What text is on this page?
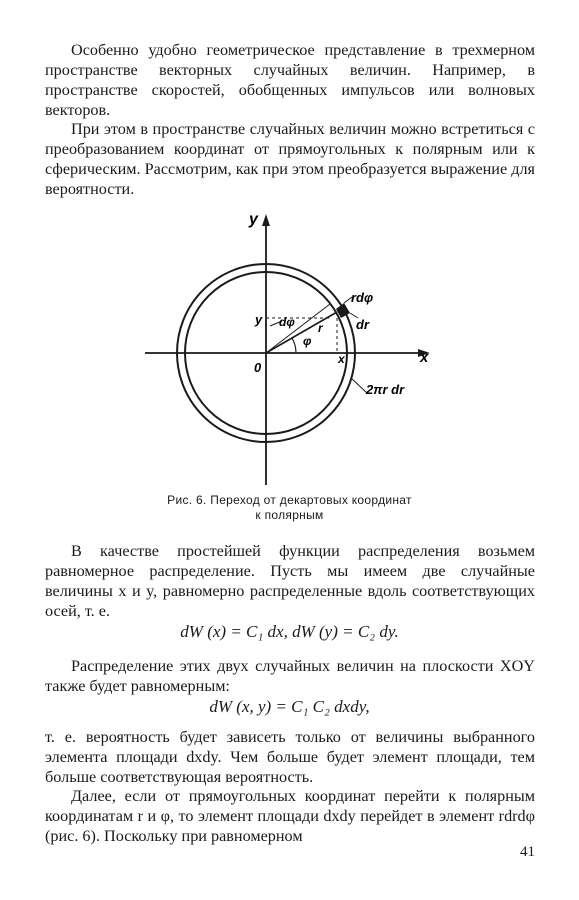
Особенно удобно геометрическое представление в трехмерном пространстве векторных случайных величин. Например, в пространстве скоростей, обобщенных импульсов или волновых векторов.

При этом в пространстве случайных величин можно встретиться с преобразованием координат от прямоугольных к полярным или к сферическим. Рассмотрим, как при этом преобразуется выражение для вероятности.

y
x
0
y
x
dφ
φ
r
rdφ
dr
2πr dr
Рис. 6. Переход от декартовых координат
к полярным

В качестве простейшей функции распределения возьмем равномерное распределение. Пусть мы имеем две случайные величины x и y, равномерно распределенные вдоль соответствующих осей, т. е.

dW (x) = C₁ dx, dW (y) = C₂ dy.

Распределение этих двух случайных величин на плоскости XOY также будет равномерным:

dW (x, y) = C₁ C₂ dxdy,

т. е. вероятность будет зависеть только от величины выбранного элемента площади dxdy. Чем больше будет элемент площади, тем больше соответствующая вероятность.

Далее, если от прямоугольных координат перейти к полярным координатам r и φ, то элемент площади dxdy перейдет в элемент rdrdφ (рис. 6). Поскольку при равномерном

41
